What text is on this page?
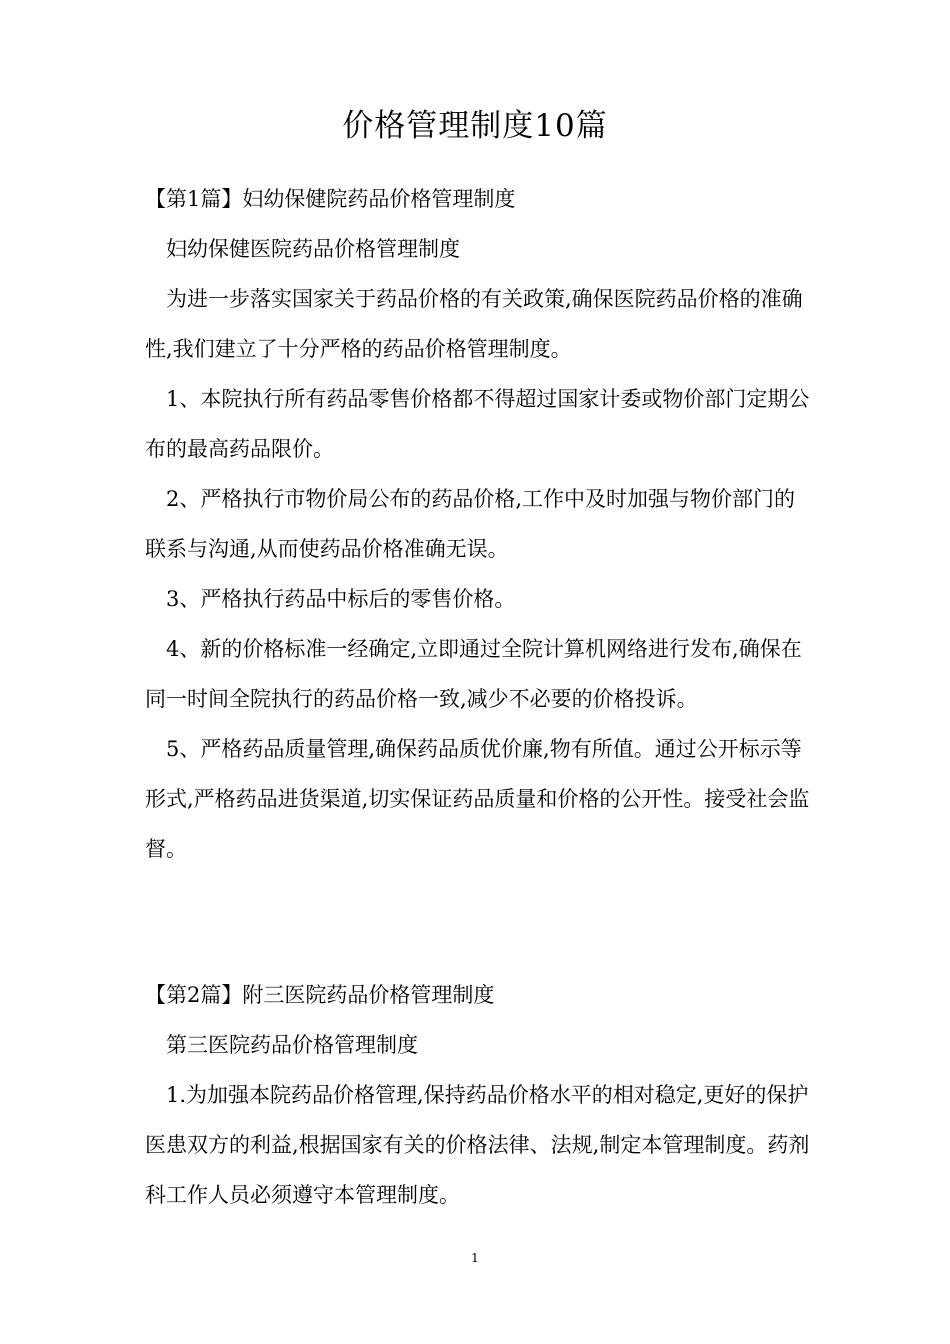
价格管理制度10篇

【第1篇】妇幼保健院药品价格管理制度

妇幼保健医院药品价格管理制度

为进一步落实国家关于药品价格的有关政策,确保医院药品价格的准确性,我们建立了十分严格的药品价格管理制度。

1、本院执行所有药品零售价格都不得超过国家计委或物价部门定期公布的最高药品限价。

2、严格执行市物价局公布的药品价格,工作中及时加强与物价部门的联系与沟通,从而使药品价格准确无误。

3、严格执行药品中标后的零售价格。

4、新的价格标准一经确定,立即通过全院计算机网络进行发布,确保在同一时间全院执行的药品价格一致,减少不必要的价格投诉。

5、严格药品质量管理,确保药品质优价廉,物有所值。通过公开标示等形式,严格药品进货渠道,切实保证药品质量和价格的公开性。接受社会监督。

【第2篇】附三医院药品价格管理制度

第三医院药品价格管理制度

1.为加强本院药品价格管理,保持药品价格水平的相对稳定,更好的保护医患双方的利益,根据国家有关的价格法律、法规,制定本管理制度。药剂科工作人员必须遵守本管理制度。

1
